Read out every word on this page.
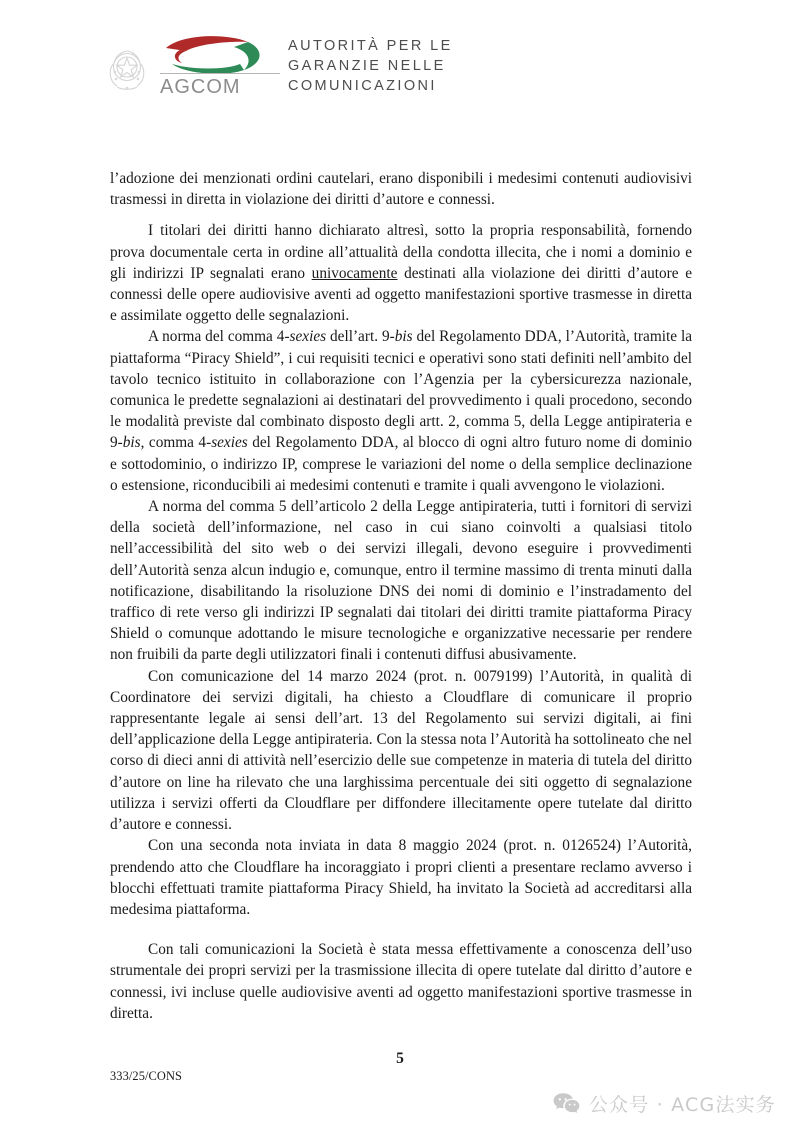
AGCOM
AUTORITÀ PER LE
GARANZIE NELLE
COMUNICAZIONI

l’adozione dei menzionati ordini cautelari, erano disponibili i medesimi contenuti audiovisivi trasmessi in diretta in violazione dei diritti d’autore e connessi.

I titolari dei diritti hanno dichiarato altresì, sotto la propria responsabilità, fornendo prova documentale certa in ordine all’attualità della condotta illecita, che i nomi a dominio e gli indirizzi IP segnalati erano univocamente destinati alla violazione dei diritti d’autore e connessi delle opere audiovisive aventi ad oggetto manifestazioni sportive trasmesse in diretta e assimilate oggetto delle segnalazioni.

A norma del comma 4-sexies dell’art. 9-bis del Regolamento DDA, l’Autorità, tramite la piattaforma “Piracy Shield”, i cui requisiti tecnici e operativi sono stati definiti nell’ambito del tavolo tecnico istituito in collaborazione con l’Agenzia per la cybersicurezza nazionale, comunica le predette segnalazioni ai destinatari del provvedimento i quali procedono, secondo le modalità previste dal combinato disposto degli artt. 2, comma 5, della Legge antipirateria e 9-bis, comma 4-sexies del Regolamento DDA, al blocco di ogni altro futuro nome di dominio e sottodominio, o indirizzo IP, comprese le variazioni del nome o della semplice declinazione o estensione, riconducibili ai medesimi contenuti e tramite i quali avvengono le violazioni.

A norma del comma 5 dell’articolo 2 della Legge antipirateria, tutti i fornitori di servizi della società dell’informazione, nel caso in cui siano coinvolti a qualsiasi titolo nell’accessibilità del sito web o dei servizi illegali, devono eseguire i provvedimenti dell’Autorità senza alcun indugio e, comunque, entro il termine massimo di trenta minuti dalla notificazione, disabilitando la risoluzione DNS dei nomi di dominio e l’instradamento del traffico di rete verso gli indirizzi IP segnalati dai titolari dei diritti tramite piattaforma Piracy Shield o comunque adottando le misure tecnologiche e organizzative necessarie per rendere non fruibili da parte degli utilizzatori finali i contenuti diffusi abusivamente.

Con comunicazione del 14 marzo 2024 (prot. n. 0079199) l’Autorità, in qualità di Coordinatore dei servizi digitali, ha chiesto a Cloudflare di comunicare il proprio rappresentante legale ai sensi dell’art. 13 del Regolamento sui servizi digitali, ai fini dell’applicazione della Legge antipirateria. Con la stessa nota l’Autorità ha sottolineato che nel corso di dieci anni di attività nell’esercizio delle sue competenze in materia di tutela del diritto d’autore on line ha rilevato che una larghissima percentuale dei siti oggetto di segnalazione utilizza i servizi offerti da Cloudflare per diffondere illecitamente opere tutelate dal diritto d’autore e connessi.

Con una seconda nota inviata in data 8 maggio 2024 (prot. n. 0126524) l’Autorità, prendendo atto che Cloudflare ha incoraggiato i propri clienti a presentare reclamo avverso i blocchi effettuati tramite piattaforma Piracy Shield, ha invitato la Società ad accreditarsi alla medesima piattaforma.

Con tali comunicazioni la Società è stata messa effettivamente a conoscenza dell’uso strumentale dei propri servizi per la trasmissione illecita di opere tutelate dal diritto d’autore e connessi, ivi incluse quelle audiovisive aventi ad oggetto manifestazioni sportive trasmesse in diretta.

5
333/25/CONS
公众号 · ACG法实务
